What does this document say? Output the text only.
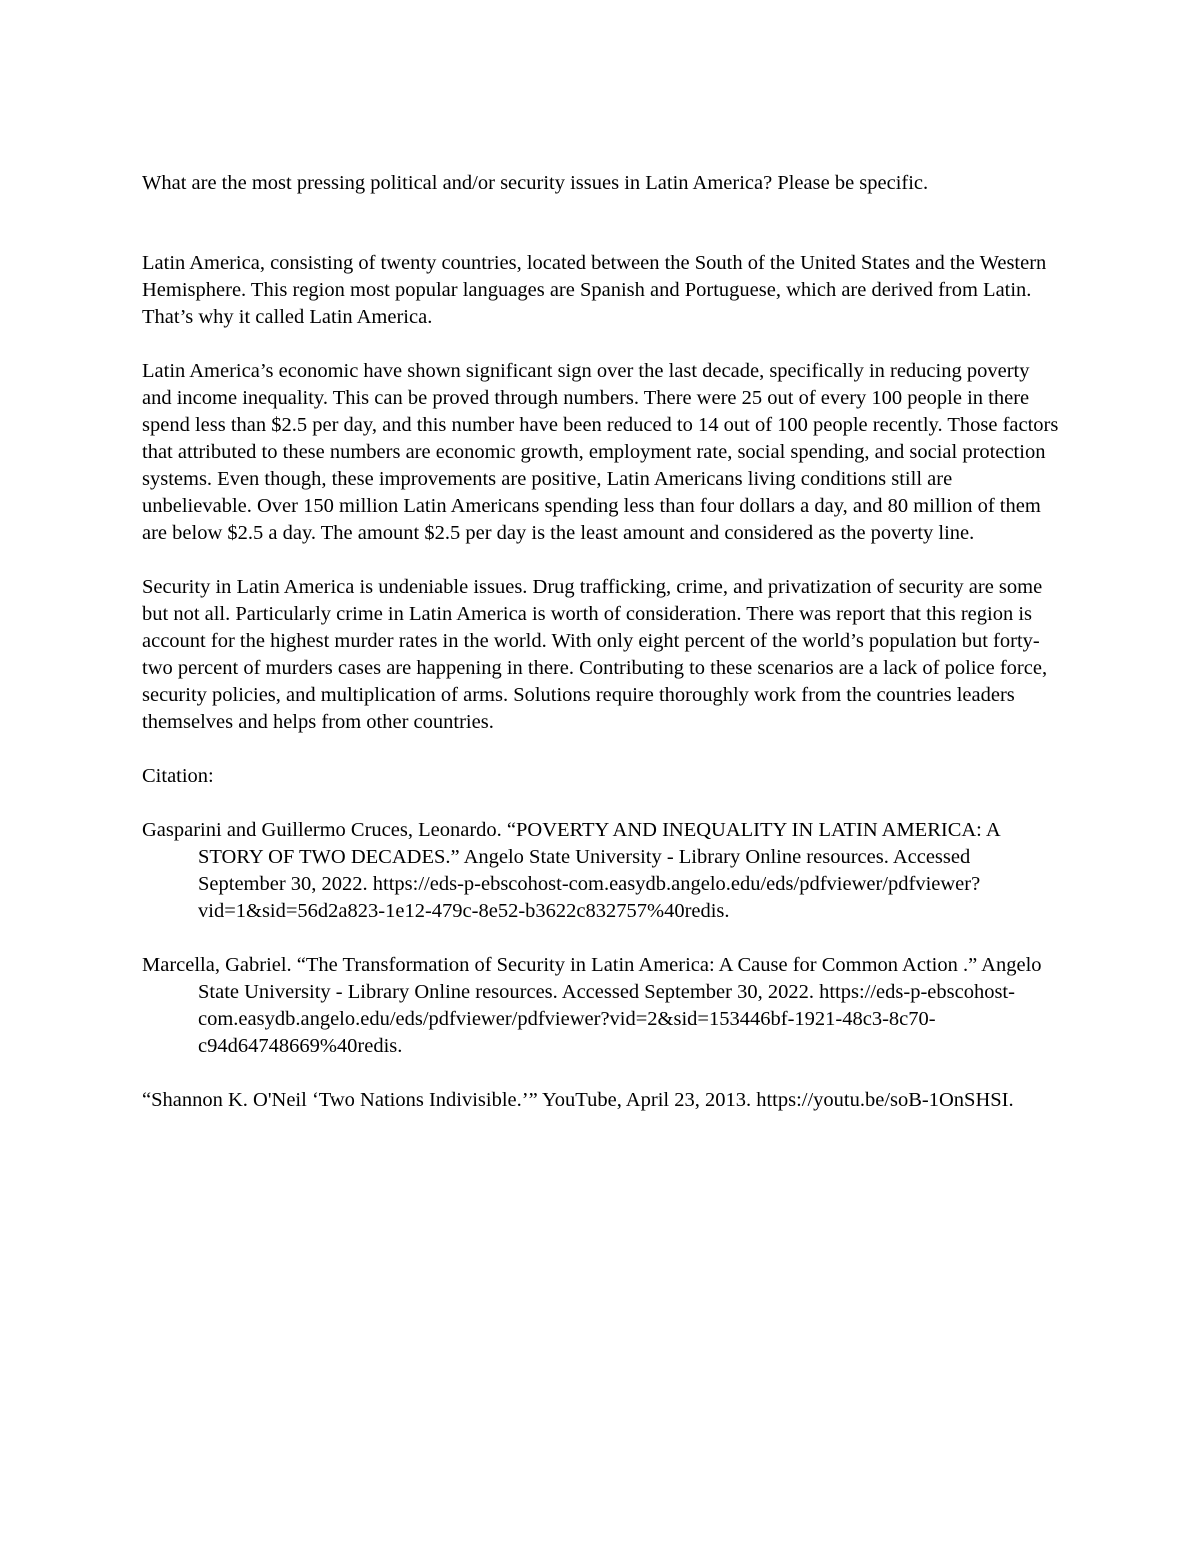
What are the most pressing political and/or security issues in Latin America? Please be specific.

Latin America, consisting of twenty countries, located between the South of the United States and the Western Hemisphere. This region most popular languages are Spanish and Portuguese, which are derived from Latin. That’s why it called Latin America.

Latin America’s economic have shown significant sign over the last decade, specifically in reducing poverty and income inequality. This can be proved through numbers. There were 25 out of every 100 people in there spend less than $2.5 per day, and this number have been reduced to 14 out of 100 people recently. Those factors that attributed to these numbers are economic growth, employment rate, social spending, and social protection systems. Even though, these improvements are positive, Latin Americans living conditions still are unbelievable. Over 150 million Latin Americans spending less than four dollars a day, and 80 million of them are below $2.5 a day. The amount $2.5 per day is the least amount and considered as the poverty line.

Security in Latin America is undeniable issues. Drug trafficking, crime, and privatization of security are some but not all. Particularly crime in Latin America is worth of consideration. There was report that this region is account for the highest murder rates in the world. With only eight percent of the world’s population but forty-two percent of murders cases are happening in there. Contributing to these scenarios are a lack of police force, security policies, and multiplication of arms. Solutions require thoroughly work from the countries leaders themselves and helps from other countries.

Citation:

Gasparini and Guillermo Cruces, Leonardo. “POVERTY AND INEQUALITY IN LATIN AMERICA: A STORY OF TWO DECADES.” Angelo State University - Library Online resources. Accessed September 30, 2022. https://eds-p-ebscohost-com.easydb.angelo.edu/eds/pdfviewer/pdfviewer?vid=1&sid=56d2a823-1e12-479c-8e52-b3622c832757%40redis.

Marcella, Gabriel. “The Transformation of Security in Latin America: A Cause for Common Action .” Angelo State University - Library Online resources. Accessed September 30, 2022. https://eds-p-ebscohost-com.easydb.angelo.edu/eds/pdfviewer/pdfviewer?vid=2&sid=153446bf-1921-48c3-8c70-c94d64748669%40redis.

“Shannon K. O'Neil ‘Two Nations Indivisible.’” YouTube, April 23, 2013. https://youtu.be/soB-1OnSHSI.
